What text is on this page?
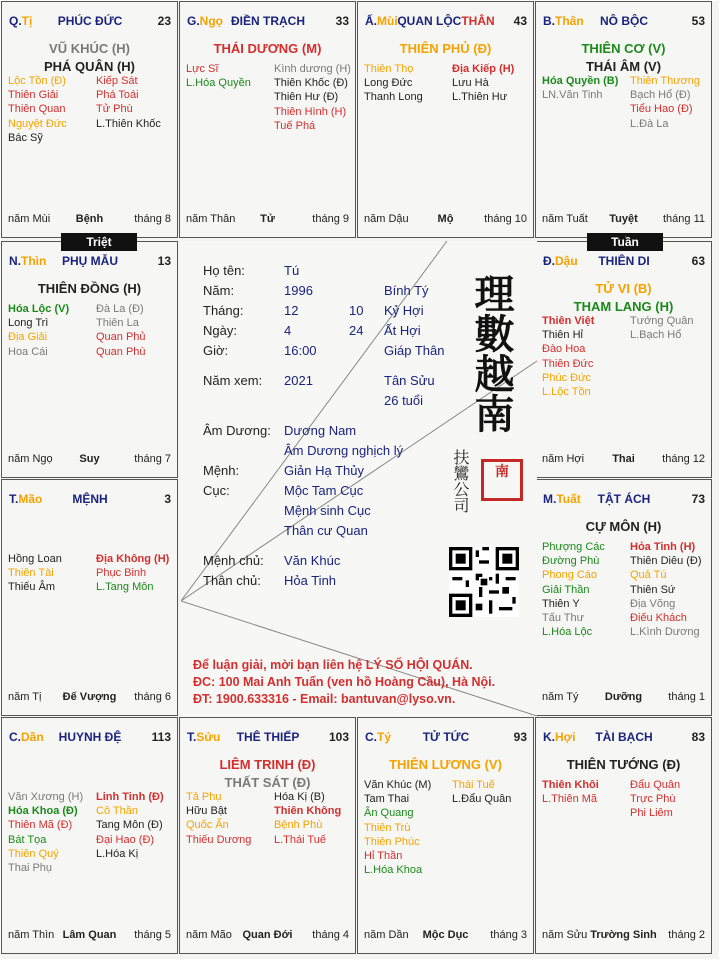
PHÚC ĐỨC
Q.Tị	23
VŨ KHÚC (H)
PHÁ QUÂN (H)
Lộc Tồn (Đ)
Thiên Giải
Thiên Quan
Nguyệt Đức
Bác Sỹ
Kiếp Sát
Phá Toái
Tử Phù
L.Thiên Khốc
năm Mùi	Bệnh	tháng 8
ĐIỀN TRẠCH
G.Ngọ	33
THÁI DƯƠNG (M)
Lực Sĩ
L.Hóa Quyền
Kình dương (H)
Thiên Khốc (Đ)
Thiên Hư (Đ)
Thiên Hình (H)
Tuế Phá
năm Thân	Tử	tháng 9
QUAN LỘCTHÂN
Ấ.Mùi	43
THIÊN PHỦ (Đ)
Thiên Thọ
Long Đức
Thanh Long
Địa Kiếp (H)
Lưu Hà
L.Thiên Hư
năm Dậu	Mộ	tháng 10
NÔ BỘC
B.Thân	53
THIÊN CƠ (V)
THÁI ÂM (V)
Hóa Quyền (B)
LN.Văn Tinh
Thiên Thương
Bạch Hổ (Đ)
Tiểu Hao (Đ)
L.Đà La
năm Tuất	Tuyệt	tháng 11
THIÊN DI
Đ.Dậu	63
TỬ VI (B)
THAM LANG (H)
Thiên Việt
Thiên Hỉ
Đào Hoa
Thiên Đức
Phúc Đức
L.Lộc Tồn
Tướng Quân
L.Bạch Hổ
năm Hợi	Thai	tháng 12
TẬT ÁCH
M.Tuất	73
CỰ MÔN (H)
Phượng Các
Đường Phù
Phong Cáo
Giải Thần
Thiên Y
Tấu Thư
L.Hóa Lộc
Hỏa Tinh (H)
Thiên Diêu (Đ)
Quả Tú
Thiên Sứ
Địa Võng
Điếu Khách
L.Kình Dương
năm Tý	Dưỡng	tháng 1
TÀI BẠCH
K.Hợi	83
THIÊN TƯỚNG (Đ)
Thiên Khôi
L.Thiên Mã
Đẩu Quân
Trực Phù
Phi Liêm
năm Sửu Trường Sinh	tháng 2
TỬ TỨC
C.Tý	93
THIÊN LƯƠNG (V)
Văn Khúc (M)
Tam Thai
Ân Quang
Thiên Trù
Thiên Phúc
Hỉ Thần
L.Hóa Khoa
Thái Tuế
L.Đẩu Quân
năm Dần	Mộc Dục	tháng 3
THÊ THIẾP
T.Sửu	103
LIÊM TRINH (Đ)
THẤT SÁT (Đ)
Tả Phụ
Hữu Bật
Quốc Ấn
Thiếu Dương
Hóa Kị (B)
Thiên Không
Bệnh Phù
L.Thái Tuế
năm Mão Quan Đới	tháng 4
HUYNH ĐỆ
C.Dần	113
Văn Xương (H)
Hóa Khoa (Đ)
Thiên Mã (Đ)
Bát Tọa
Thiên Quý
Thai Phụ
Linh Tinh (Đ)
Cô Thần
Tang Môn (Đ)
Đại Hao (Đ)
L.Hóa Kị
năm Thìn Lâm Quan	tháng 5
MỆNH
T.Mão	3
Hồng Loan
Thiên Tài
Thiếu Âm
Địa Không (H)
Phục Binh
L.Tang Môn
năm Tị	Đế Vượng	tháng 6
PHỤ MẪU
N.Thìn	13
THIÊN ĐỒNG (H)
Hóa Lộc (V)
Long Trì
Địa Giải
Hoa Cái
Đà La (Đ)
Thiên La
Quan Phủ
Quan Phù
năm Ngọ	Suy	tháng 7
Triệt	Tuần
Họ tên:	Tú
Năm:	1996	Bính Tý
Tháng:	12	10 Kỷ Hợi
Ngày:	4	24 Ất Hợi
Giờ:	16:00	Giáp Thân
Năm xem: 2021	Tân Sửu
26 tuổi
Âm Dương: Dương Nam
Âm Dương nghịch lý
Mệnh:	Giản Hạ Thủy
Cục:	Mộc Tam Cục
Mệnh sinh Cục
Thân cư Quan
Mệnh chủ: Văn Khúc
Thân chủ: Hỏa Tinh
理數越南
扶鸞公司	南
Để luận giải, mời bạn liên hệ LÝ SỐ HỘI QUÁN.
ĐC: 100 Mai Anh Tuấn (ven hồ Hoàng Cầu), Hà Nội.
ĐT: 1900.633316 - Email: bantuvan@lyso.vn.
